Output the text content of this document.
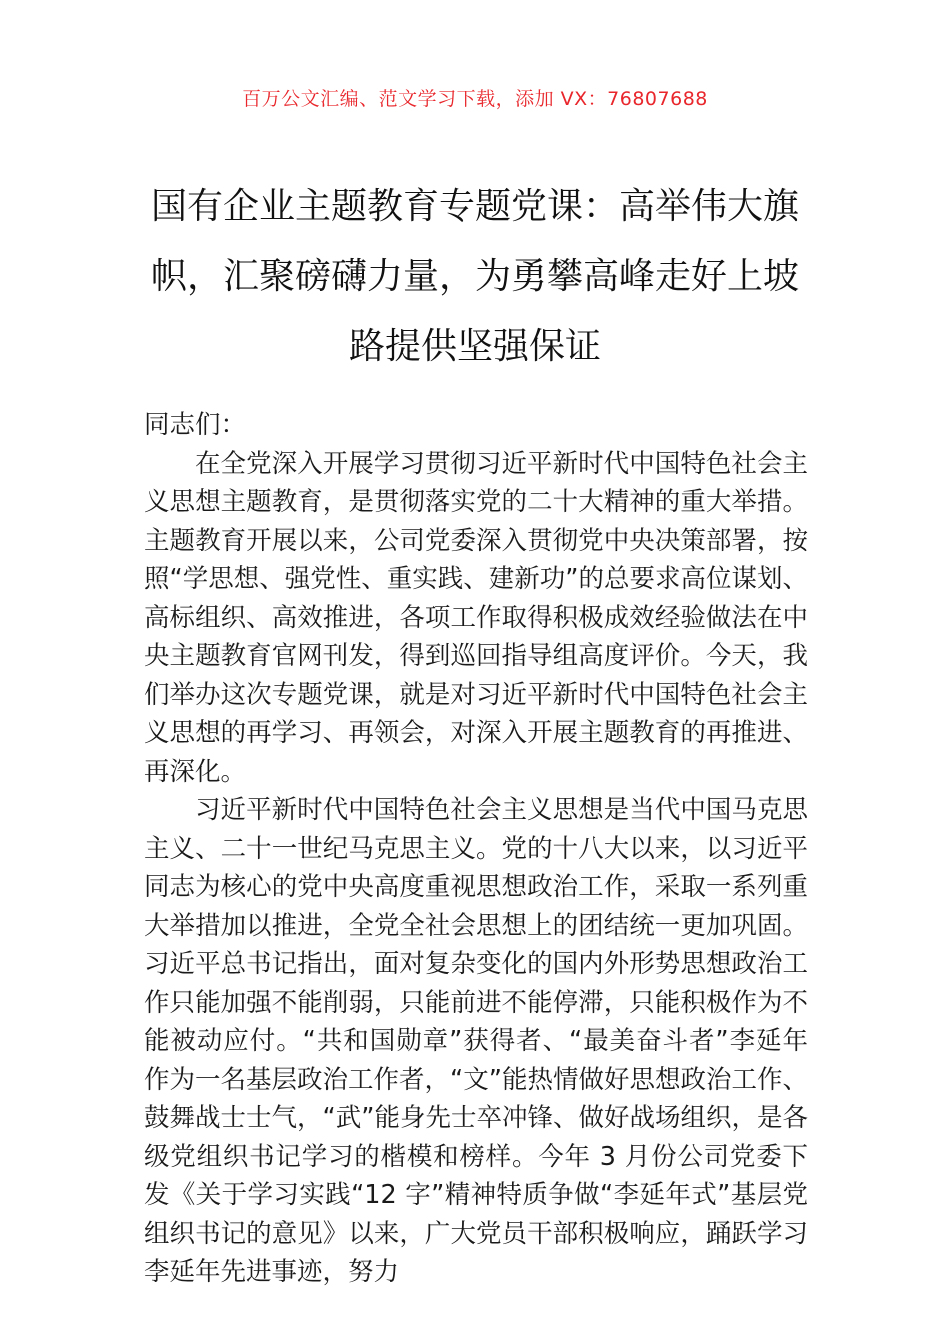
百万公文汇编、范文学习下载，添加 VX：76807688
国有企业主题教育专题党课：高举伟大旗帜，汇聚磅礴力量，为勇攀高峰走好上坡路提供坚强保证

同志们：

在全党深入开展学习贯彻习近平新时代中国特色社会主义思想主题教育，是贯彻落实党的二十大精神的重大举措。主题教育开展以来，公司党委深入贯彻党中央决策部署，按照“学思想、强党性、重实践、建新功”的总要求高位谋划、高标组织、高效推进，各项工作取得积极成效经验做法在中央主题教育官网刊发，得到巡回指导组高度评价。今天，我们举办这次专题党课，就是对习近平新时代中国特色社会主义思想的再学习、再领会，对深入开展主题教育的再推进、再深化。

习近平新时代中国特色社会主义思想是当代中国马克思主义、二十一世纪马克思主义。党的十八大以来，以习近平同志为核心的党中央高度重视思想政治工作，采取一系列重大举措加以推进，全党全社会思想上的团结统一更加巩固。习近平总书记指出，面对复杂变化的国内外形势思想政治工作只能加强不能削弱，只能前进不能停滞，只能积极作为不能被动应付。“共和国勋章”获得者、“最美奋斗者”李延年作为一名基层政治工作者，“文”能热情做好思想政治工作、鼓舞战士士气，“武”能身先士卒冲锋、做好战场组织，是各级党组织书记学习的楷模和榜样。今年 3 月份公司党委下发《关于学习实践“12 字”精神特质争做“李延年式”基层党组织书记的意见》以来，广大党员干部积极响应，踊跃学习李延年先进事迹，努力
